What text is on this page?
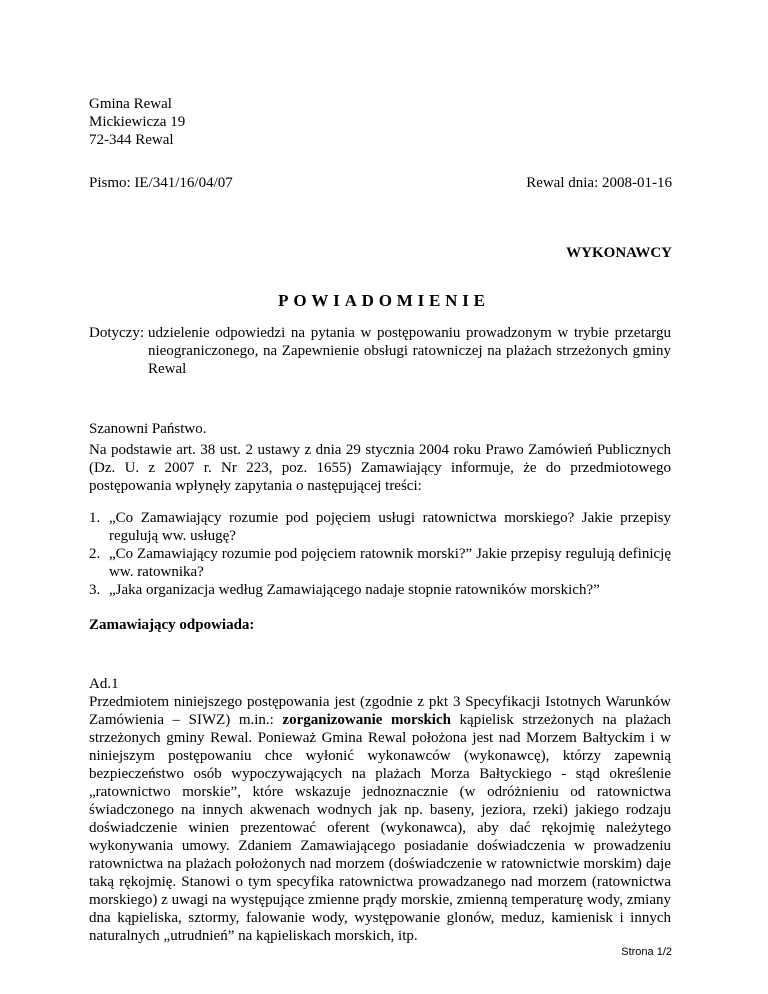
Gmina Rewal
Mickiewicza 19
72-344 Rewal
Pismo: IE/341/16/04/07	Rewal dnia: 2008-01-16
WYKONAWCY
POWIADOMIENIE
Dotyczy:	udzielenie odpowiedzi na pytania w postępowaniu prowadzonym w trybie przetargu nieograniczonego, na Zapewnienie obsługi ratowniczej na plażach strzeżonych gminy Rewal
Szanowni Państwo.
Na podstawie art. 38 ust. 2 ustawy z dnia 29 stycznia 2004 roku Prawo Zamówień Publicznych (Dz. U. z 2007 r. Nr 223, poz. 1655) Zamawiający informuje, że do przedmiotowego postępowania wpłynęły zapytania o następującej treści:
1. „Co Zamawiający rozumie pod pojęciem usługi ratownictwa morskiego? Jakie przepisy regulują ww. usługę?
2. „Co Zamawiający rozumie pod pojęciem ratownik morski?” Jakie przepisy regulują definicję ww. ratownika?
3. „Jaka organizacja według Zamawiającego nadaje stopnie ratowników morskich?”
Zamawiający odpowiada:
Ad.1
Przedmiotem niniejszego postępowania jest (zgodnie z pkt 3 Specyfikacji Istotnych Warunków Zamówienia – SIWZ) m.in.: zorganizowanie morskich kąpielisk strzeżonych na plażach strzeżonych gminy Rewal. Ponieważ Gmina Rewal położona jest nad Morzem Bałtyckim i w niniejszym postępowaniu chce wyłonić wykonawców (wykonawcę), którzy zapewnią bezpieczeństwo osób wypoczywających na plażach Morza Bałtyckiego - stąd określenie „ratownictwo morskie”, które wskazuje jednoznacznie (w odróżnieniu od ratownictwa świadczonego na innych akwenach wodnych jak np. baseny, jeziora, rzeki) jakiego rodzaju doświadczenie winien prezentować oferent (wykonawca), aby dać rękojmię należytego wykonywania umowy. Zdaniem Zamawiającego posiadanie doświadczenia w prowadzeniu ratownictwa na plażach położonych nad morzem (doświadczenie w ratownictwie morskim) daje taką rękojmię. Stanowi o tym specyfika ratownictwa prowadzanego nad morzem (ratownictwa morskiego) z uwagi na występujące zmienne prądy morskie, zmienną temperaturę wody, zmiany dna kąpieliska, sztormy, falowanie wody, występowanie glonów, meduz, kamienisk i innych naturalnych „utrudnień” na kąpieliskach morskich, itp.
Strona 1/2
